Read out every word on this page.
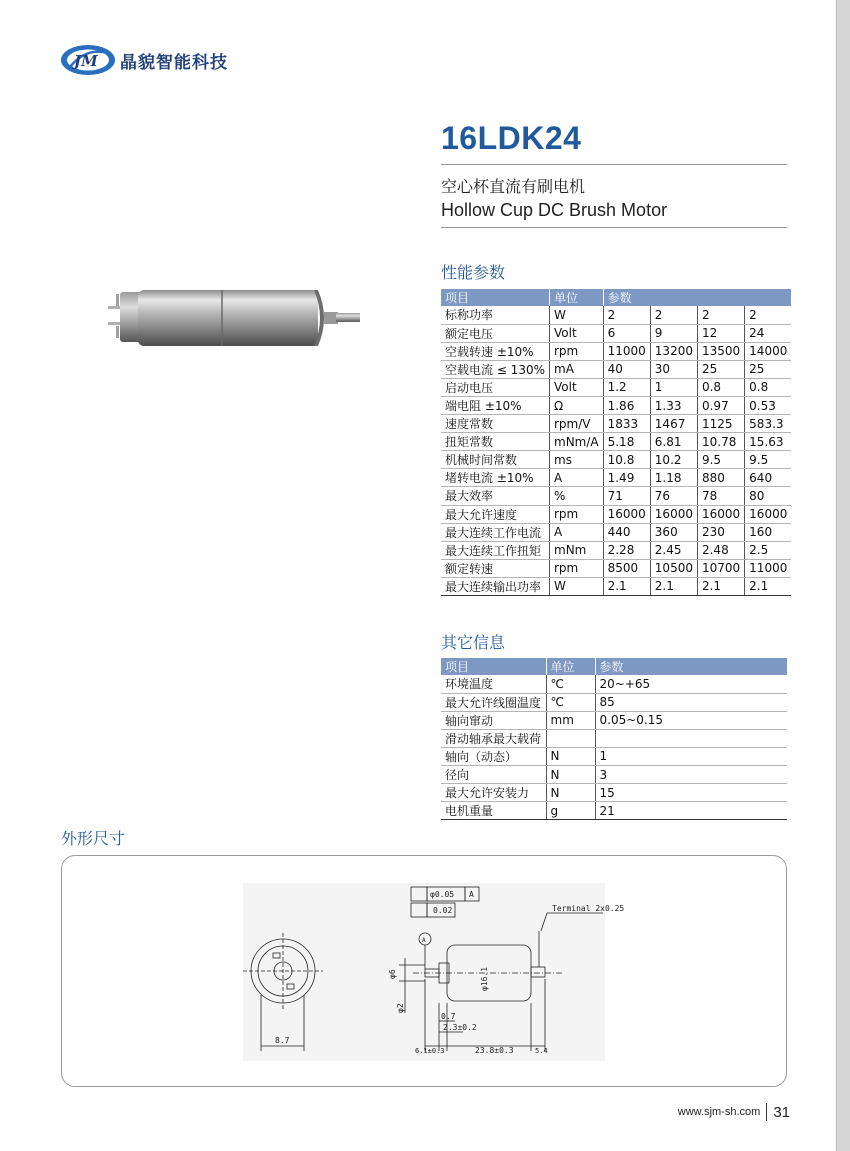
JM 晶貌智能科技
16LDK24
空心杯直流有刷电机
Hollow Cup DC Brush Motor
性能参数
项目	单位	参数			
标称功率	W	2	2	2	2
额定电压	Volt	6	9	12	24
空载转速 ±10%	rpm	11000	13200	13500	14000
空载电流 ≤ 130%	mA	40	30	25	25
启动电压	Volt	1.2	1	0.8	0.8
端电阻 ±10%	Ω	1.86	1.33	0.97	0.53
速度常数	rpm/V	1833	1467	1125	583.3
扭矩常数	mNm/A	5.18	6.81	10.78	15.63
机械时间常数	ms	10.8	10.2	9.5	9.5
堵转电流 ±10%	A	1.49	1.18	880	640
最大效率	%	71	76	78	80
最大允许速度	rpm	16000	16000	16000	16000
最大连续工作电流	A	440	360	230	160
最大连续工作扭矩	mNm	2.28	2.45	2.48	2.5
额定转速	rpm	8500	10500	10700	11000
最大连续输出功率	W	2.1	2.1	2.1	2.1
其它信息
项目	单位	参数
环境温度	℃	20~+65
最大允许线圈温度	℃	85
轴向窜动	mm	0.05~0.15
滑动轴承最大载荷		
轴向（动态）	N	1
径向	N	3
最大允许安装力	N	15
电机重量	g	21
外形尺寸
8.7
φ0.05 A
0.02
A
Terminal 2x0.25
φ16.1
φ6
φ2
0.7
2.3±0.2
6.1±0.3	23.8±0.3	5.4
www.sjm-sh.com 31
